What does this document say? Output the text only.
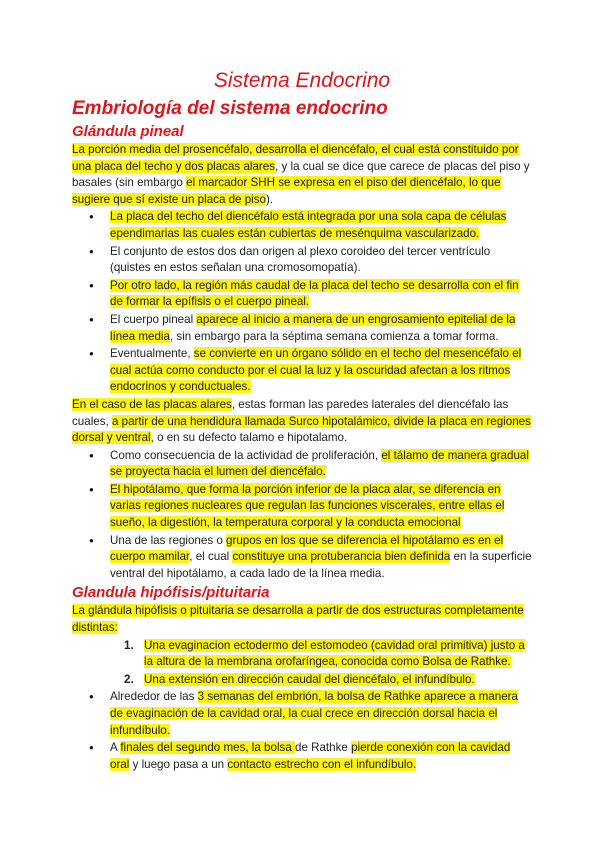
Sistema Endocrino
Embriología del sistema endocrino
Glándula pineal

La porción media del prosencéfalo, desarrolla el diencéfalo, el cual está constituido por una placa del techo y dos placas alares, y la cual se dice que carece de placas del piso y basales (sin embargo el marcador SHH se expresa en el piso del diencéfalo, lo que sugiere que sí existe un placa de piso).

● La placa del techo del diencéfalo está integrada por una sola capa de células ependimarias las cuales están cubiertas de mesénquima vascularizado.
● El conjunto de estos dos dan origen al plexo coroideo del tercer ventrículo (quistes en estos señalan una cromosomopatía).
● Por otro lado, la región más caudal de la placa del techo se desarrolla con el fin de formar la epífisis o el cuerpo pineal.
● El cuerpo pineal aparece al inicio a manera de un engrosamiento epitelial de la línea media, sin embargo para la séptima semana comienza a tomar forma.
● Eventualmente, se convierte en un órgano sólido en el techo del mesencéfalo el cual actúa como conducto por el cual la luz y la oscuridad afectan a los ritmos endocrinos y conductuales.

En el caso de las placas alares, estas forman las paredes laterales del diencéfalo las cuales, a partir de una hendidura llamada Surco hipotalámico, divide la placa en regiones dorsal y ventral, o en su defecto talamo e hipotalamo.

● Como consecuencia de la actividad de proliferación, el tálamo de manera gradual se proyecta hacia el lumen del diencéfalo.
● El hipotálamo, que forma la porción inferior de la placa alar, se diferencia en varias regiones nucleares que regulan las funciones viscerales, entre ellas el sueño, la digestión, la temperatura corporal y la conducta emocional
● Una de las regiones o grupos en los que se diferencia el hipotálamo es en el cuerpo mamilar, el cual constituye una protuberancia bien definida en la superficie ventral del hipotálamo, a cada lado de la línea media.
Glandula hipófisis/pituitaria

La glándula hipófisis o pituitaria se desarrolla a partir de dos estructuras completamente distintas:

1. Una evaginacion ectodermo del estomodeo (cavidad oral primitiva) justo a la altura de la membrana orofaríngea, conocida como Bolsa de Rathke.
2. Una extensión en dirección caudal del diencéfalo, el infundíbulo.
● Alrededor de las 3 semanas del embrión, la bolsa de Rathke aparece a manera de evaginación de la cavidad oral, la cual crece en dirección dorsal hacia el infundíbulo.
● A finales del segundo mes, la bolsa de Rathke pierde conexión con la cavidad oral y luego pasa a un contacto estrecho con el infundíbulo.
